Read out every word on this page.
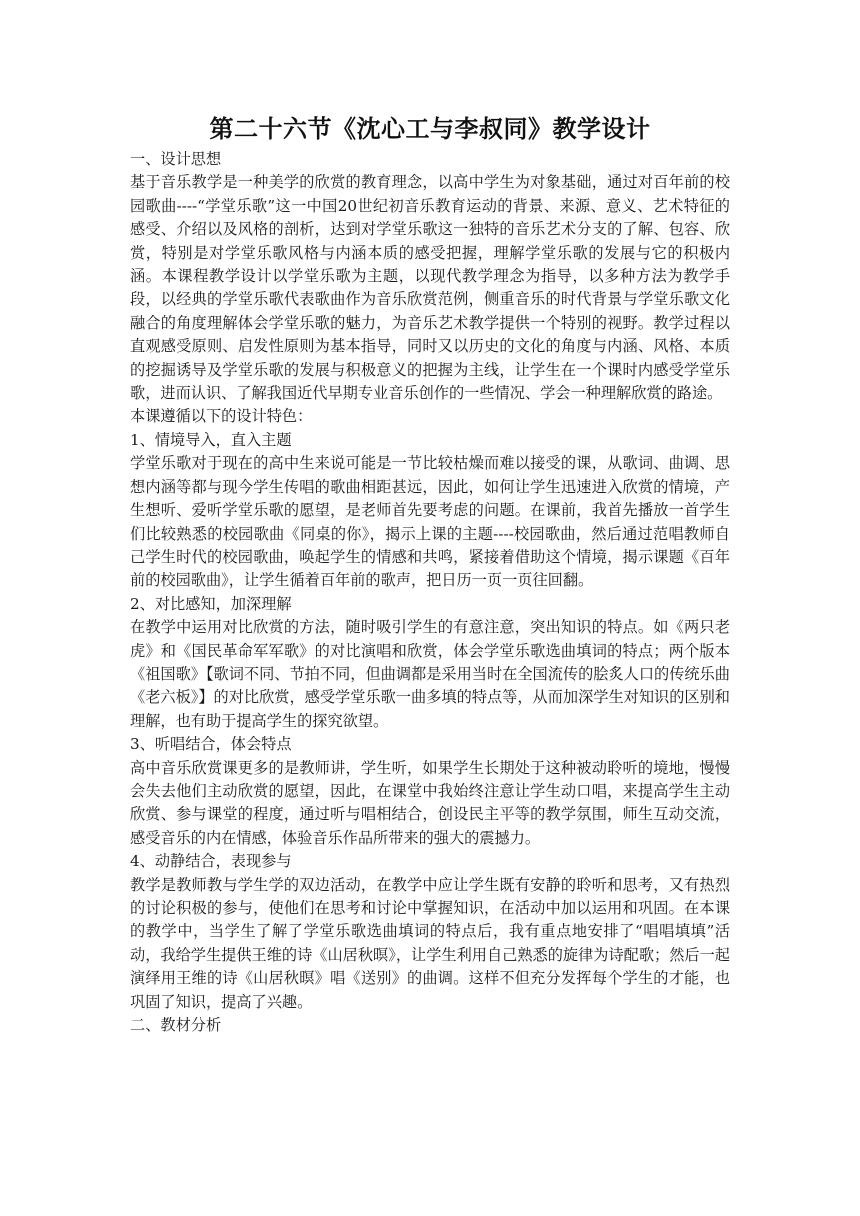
第二十六节《沈心工与李叔同》教学设计

一、设计思想

基于音乐教学是一种美学的欣赏的教育理念，以高中学生为对象基础，通过对百年前的校园歌曲----“学堂乐歌”这一中国20世纪初音乐教育运动的背景、来源、意义、艺术特征的感受、介绍以及风格的剖析，达到对学堂乐歌这一独特的音乐艺术分支的了解、包容、欣赏，特别是对学堂乐歌风格与内涵本质的感受把握，理解学堂乐歌的发展与它的积极内涵。本课程教学设计以学堂乐歌为主题，以现代教学理念为指导，以多种方法为教学手段，以经典的学堂乐歌代表歌曲作为音乐欣赏范例，侧重音乐的时代背景与学堂乐歌文化融合的角度理解体会学堂乐歌的魅力，为音乐艺术教学提供一个特别的视野。教学过程以直观感受原则、启发性原则为基本指导，同时又以历史的文化的角度与内涵、风格、本质的挖掘诱导及学堂乐歌的发展与积极意义的把握为主线，让学生在一个课时内感受学堂乐歌，进而认识、了解我国近代早期专业音乐创作的一些情况、学会一种理解欣赏的路途。

本课遵循以下的设计特色：

1、情境导入，直入主题

学堂乐歌对于现在的高中生来说可能是一节比较枯燥而难以接受的课，从歌词、曲调、思想内涵等都与现今学生传唱的歌曲相距甚远，因此，如何让学生迅速进入欣赏的情境，产生想听、爱听学堂乐歌的愿望，是老师首先要考虑的问题。在课前，我首先播放一首学生们比较熟悉的校园歌曲《同桌的你》，揭示上课的主题----校园歌曲，然后通过范唱教师自己学生时代的校园歌曲，唤起学生的情感和共鸣，紧接着借助这个情境，揭示课题《百年前的校园歌曲》，让学生循着百年前的歌声，把日历一页一页往回翻。

2、对比感知，加深理解

在教学中运用对比欣赏的方法，随时吸引学生的有意注意，突出知识的特点。如《两只老虎》和《国民革命军军歌》的对比演唱和欣赏，体会学堂乐歌选曲填词的特点；两个版本《祖国歌》【歌词不同、节拍不同，但曲调都是采用当时在全国流传的脍炙人口的传统乐曲《老六板》】的对比欣赏，感受学堂乐歌一曲多填的特点等，从而加深学生对知识的区别和理解，也有助于提高学生的探究欲望。

3、听唱结合，体会特点

高中音乐欣赏课更多的是教师讲，学生听，如果学生长期处于这种被动聆听的境地，慢慢会失去他们主动欣赏的愿望，因此，在课堂中我始终注意让学生动口唱，来提高学生主动欣赏、参与课堂的程度，通过听与唱相结合，创设民主平等的教学氛围，师生互动交流，感受音乐的内在情感，体验音乐作品所带来的强大的震撼力。

4、动静结合，表现参与

教学是教师教与学生学的双边活动，在教学中应让学生既有安静的聆听和思考，又有热烈的讨论积极的参与，使他们在思考和讨论中掌握知识，在活动中加以运用和巩固。在本课的教学中，当学生了解了学堂乐歌选曲填词的特点后，我有重点地安排了“唱唱填填”活动，我给学生提供王维的诗《山居秋暝》，让学生利用自己熟悉的旋律为诗配歌；然后一起演绎用王维的诗《山居秋暝》唱《送别》的曲调。这样不但充分发挥每个学生的才能，也巩固了知识，提高了兴趣。

二、教材分析
